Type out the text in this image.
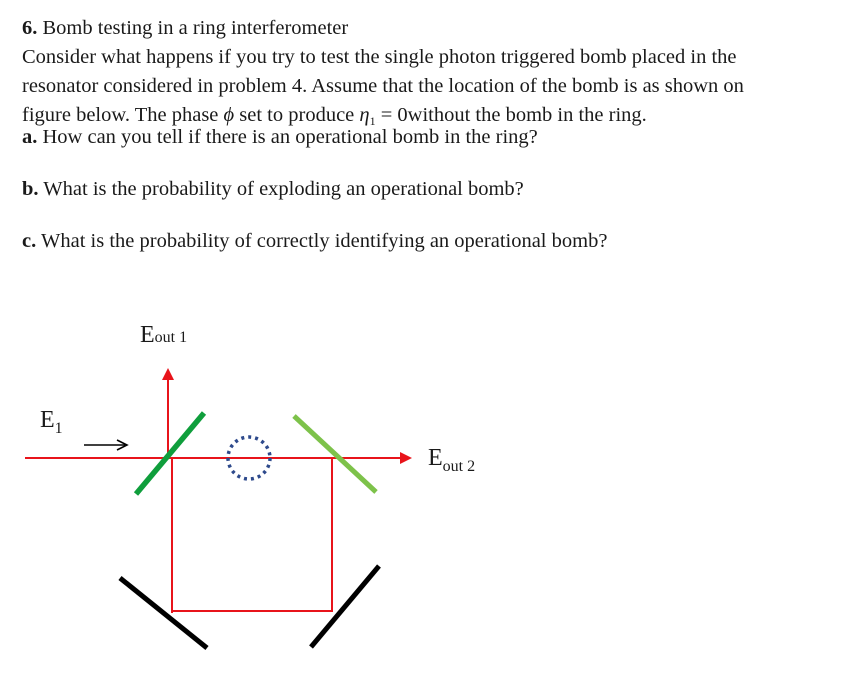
6. Bomb testing in a ring interferometer
Consider what happens if you try to test the single photon triggered bomb placed in the
resonator considered in problem 4. Assume that the location of the bomb is as shown on
figure below. The phase ϕ set to produce $\eta_1$ = 0without the bomb in the ring.
a. How can you tell if there is an operational bomb in the ring?
b. What is the probability of exploding an operational bomb?
c. What is the probability of correctly identifying an operational bomb?
Eout 1
E1
Eout 2
